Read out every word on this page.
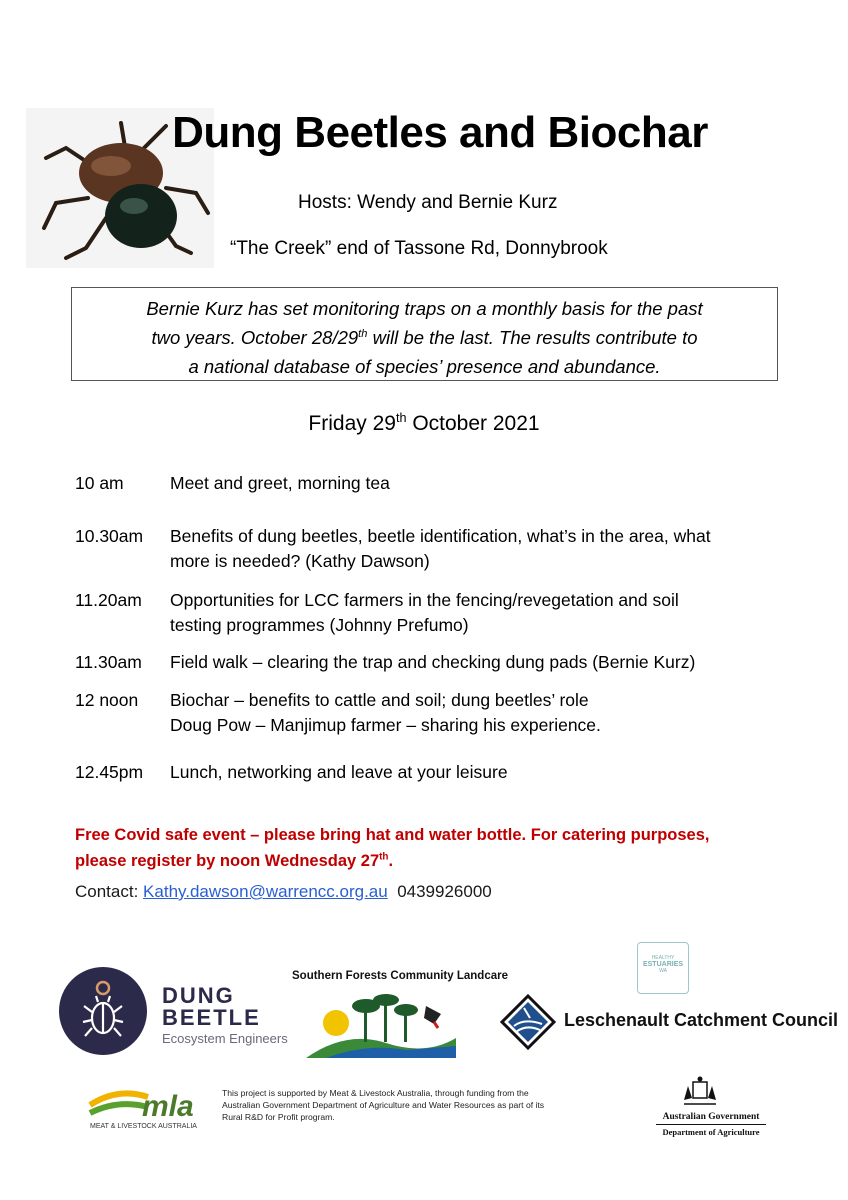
Dung Beetles and Biochar
Hosts: Wendy and Bernie Kurz
“The Creek” end of Tassone Rd, Donnybrook
Bernie Kurz has set monitoring traps on a monthly basis for the past
two years. October 28/29th will be the last. The results contribute to
a national database of species’ presence and abundance.
Friday 29th October 2021
10 am	Meet and greet, morning tea
10.30am Benefits of dung beetles, beetle identification, what’s in the area, what
more is needed? (Kathy Dawson)
11.20am Opportunities for LCC farmers in the fencing/revegetation and soil
testing programmes (Johnny Prefumo)
11.30am Field walk – clearing the trap and checking dung pads (Bernie Kurz)
12 noon Biochar – benefits to cattle and soil; dung beetles’ role
Doug Pow – Manjimup farmer – sharing his experience.
12.45pm Lunch, networking and leave at your leisure
Free Covid safe event – please bring hat and water bottle. For catering purposes,
please register by noon Wednesday 27th.
Contact: Kathy.dawson@warrencc.org.au 0439926000
DUNG
BEETLE
Ecosystem Engineers
Southern Forests Community Landcare
HEALTHY
ESTUARIES
WA
Leschenault Catchment Council
mla
MEAT & LIVESTOCK AUSTRALIA
This project is supported by Meat & Livestock Australia, through funding from the
Australian Government Department of Agriculture and Water Resources as part of its
Rural R&D for Profit program.	Australian Government
Department of Agriculture
